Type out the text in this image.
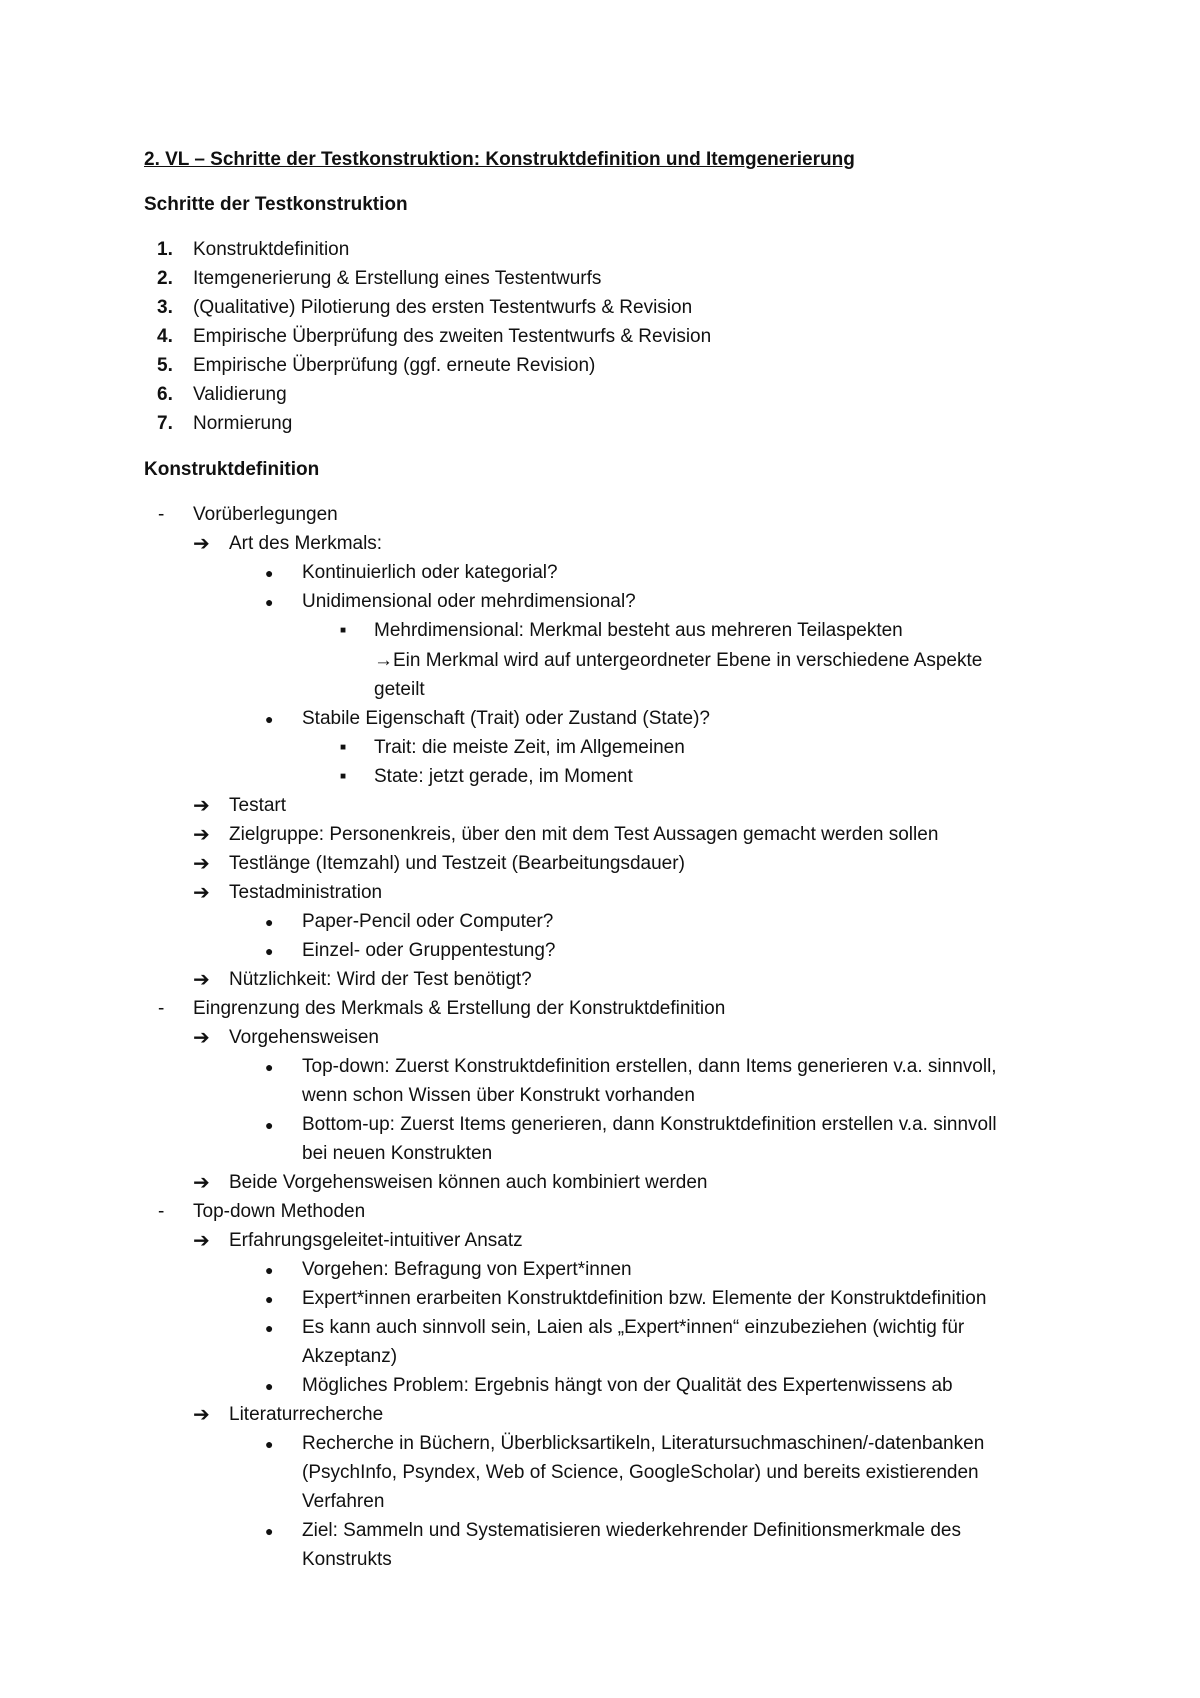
2. VL – Schritte der Testkonstruktion: Konstruktdefinition und Itemgenerierung
Schritte der Testkonstruktion
1. Konstruktdefinition
2. Itemgenerierung & Erstellung eines Testentwurfs
3. (Qualitative) Pilotierung des ersten Testentwurfs & Revision
4. Empirische Überprüfung des zweiten Testentwurfs & Revision
5. Empirische Überprüfung (ggf. erneute Revision)
6. Validierung
7. Normierung
Konstruktdefinition
- Vorüberlegungen
➔ Art des Merkmals:
● Kontinuierlich oder kategorial?
● Unidimensional oder mehrdimensional?
■ Mehrdimensional: Merkmal besteht aus mehreren Teilaspekten
→Ein Merkmal wird auf untergeordneter Ebene in verschiedene Aspekte
geteilt
● Stabile Eigenschaft (Trait) oder Zustand (State)?
■ Trait: die meiste Zeit, im Allgemeinen
■ State: jetzt gerade, im Moment
➔ Testart
➔ Zielgruppe: Personenkreis, über den mit dem Test Aussagen gemacht werden sollen
➔ Testlänge (Itemzahl) und Testzeit (Bearbeitungsdauer)
➔ Testadministration
● Paper-Pencil oder Computer?
● Einzel- oder Gruppentestung?
➔ Nützlichkeit: Wird der Test benötigt?
- Eingrenzung des Merkmals & Erstellung der Konstruktdefinition
➔ Vorgehensweisen
● Top-down: Zuerst Konstruktdefinition erstellen, dann Items generieren v.a. sinnvoll,
wenn schon Wissen über Konstrukt vorhanden
● Bottom-up: Zuerst Items generieren, dann Konstruktdefinition erstellen v.a. sinnvoll
bei neuen Konstrukten
➔ Beide Vorgehensweisen können auch kombiniert werden
- Top-down Methoden
➔ Erfahrungsgeleitet-intuitiver Ansatz
● Vorgehen: Befragung von Expert*innen
● Expert*innen erarbeiten Konstruktdefinition bzw. Elemente der Konstruktdefinition
● Es kann auch sinnvoll sein, Laien als „Expert*innen“ einzubeziehen (wichtig für
Akzeptanz)
● Mögliches Problem: Ergebnis hängt von der Qualität des Expertenwissens ab
➔ Literaturrecherche
● Recherche in Büchern, Überblicksartikeln, Literatursuchmaschinen/-datenbanken
(PsychInfo, Psyndex, Web of Science, GoogleScholar) und bereits existierenden
Verfahren
● Ziel: Sammeln und Systematisieren wiederkehrender Definitionsmerkmale des
Konstrukts
